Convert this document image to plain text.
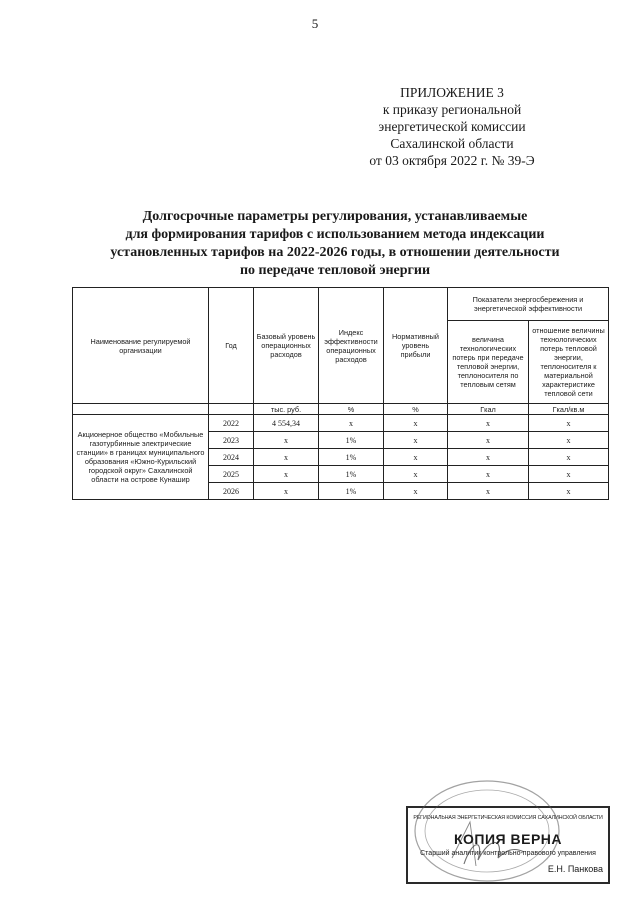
5
ПРИЛОЖЕНИЕ 3
к приказу региональной
энергетической комиссии
Сахалинской области
от 03 октября 2022 г. № 39-Э
Долгосрочные параметры регулирования, устанавливаемые
для формирования тарифов с использованием метода индексации
установленных тарифов на 2022-2026 годы, в отношении деятельности
по передаче тепловой энергии
Наименование регулируемой организации	Год	Базовый уровень операционных расходов	Индекс эффективности операционных расходов	Нормативный уровень прибыли	Показатели энергосбережения и энергетической эффективности	
					величина технологических потерь при передаче тепловой энергии, теплоносителя по тепловым сетям	отношение величины технологических потерь тепловой энергии, теплоносителя к материальной характеристике тепловой сети
		тыс. руб.	%	%	Гкал	Гкал/кв.м
Акционерное общество «Мобильные газотурбинные электрические станции» в границах муниципального образования «Южно-Курильский городской округ» Сахалинской области на острове Кунашир	2022	4 554,34	х	х	х	х
	2023	х	1%	х	х	х
	2024	х	1%	х	х	х
	2025	х	1%	х	х	х
	2026	х	1%	х	х	х
РЕГИОНАЛЬНАЯ ЭНЕРГЕТИЧЕСКАЯ КОМИССИЯ САХАЛИНСКОЙ ОБЛАСТИ
КОПИЯ ВЕРНА
Старший аналитик контрольно-правового управления
Е.Н. Панкова
